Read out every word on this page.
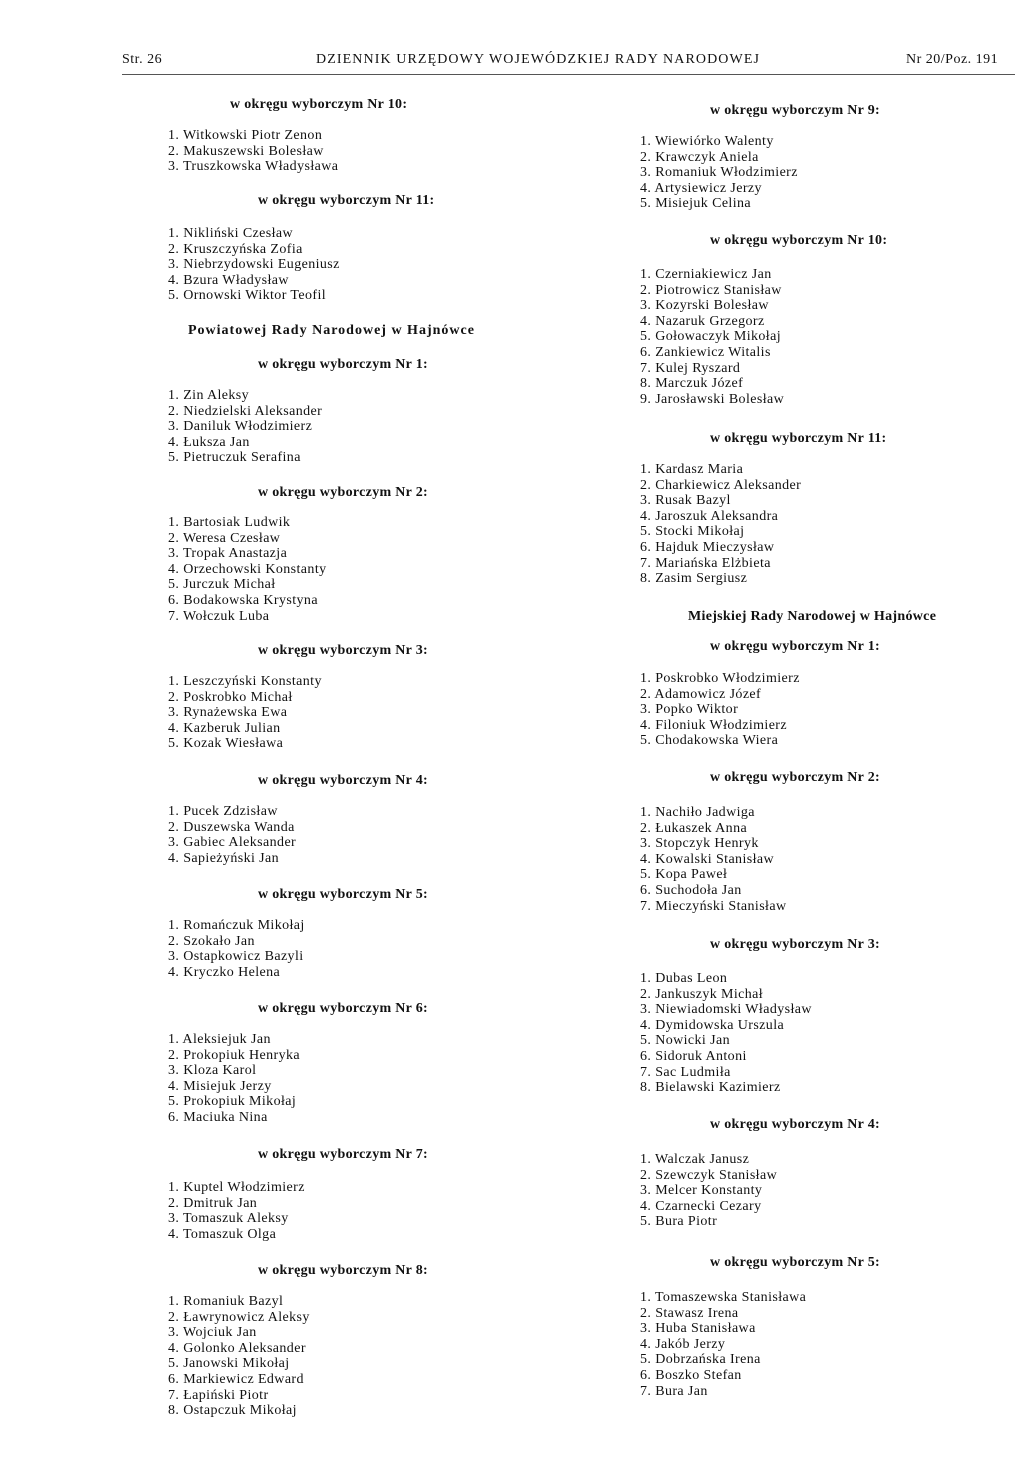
Str. 26	DZIENNIK URZĘDOWY WOJEWÓDZKIEJ RADY NARODOWEJ	Nr 20/Poz. 191
w okręgu wyborczym Nr 10:
1. Witkowski Piotr Zenon
2. Makuszewski Bolesław
3. Truszkowska Władysława
w okręgu wyborczym Nr 11:
1. Nikliński Czesław
2. Kruszczyńska Zofia
3. Niebrzydowski Eugeniusz
4. Bzura Władysław
5. Ornowski Wiktor Teofil
Powiatowej Rady Narodowej w Hajnówce
w okręgu wyborczym Nr 1:
1. Zin Aleksy
2. Niedzielski Aleksander
3. Daniluk Włodzimierz
4. Łuksza Jan
5. Pietruczuk Serafina
w okręgu wyborczym Nr 2:
1. Bartosiak Ludwik
2. Weresa Czesław
3. Tropak Anastazja
4. Orzechowski Konstanty
5. Jurczuk Michał
6. Bodakowska Krystyna
7. Wołczuk Luba
w okręgu wyborczym Nr 3:
1. Leszczyński Konstanty
2. Poskrobko Michał
3. Rynażewska Ewa
4. Kazberuk Julian
5. Kozak Wiesława
w okręgu wyborczym Nr 4:
1. Pucek Zdzisław
2. Duszewska Wanda
3. Gabiec Aleksander
4. Sapieżyński Jan
w okręgu wyborczym Nr 5:
1. Romańczuk Mikołaj
2. Szokało Jan
3. Ostapkowicz Bazyli
4. Kryczko Helena
w okręgu wyborczym Nr 6:
1. Aleksiejuk Jan
2. Prokopiuk Henryka
3. Kloza Karol
4. Misiejuk Jerzy
5. Prokopiuk Mikołaj
6. Maciuka Nina
w okręgu wyborczym Nr 7:
1. Kuptel Włodzimierz
2. Dmitruk Jan
3. Tomaszuk Aleksy
4. Tomaszuk Olga
w okręgu wyborczym Nr 8:
1. Romaniuk Bazyl
2. Ławrynowicz Aleksy
3. Wojciuk Jan
4. Golonko Aleksander
5. Janowski Mikołaj
6. Markiewicz Edward
7. Łapiński Piotr
8. Ostapczuk Mikołaj
w okręgu wyborczym Nr 9:
1. Wiewiórko Walenty
2. Krawczyk Aniela
3. Romaniuk Włodzimierz
4. Artysiewicz Jerzy
5. Misiejuk Celina
w okręgu wyborczym Nr 10:
1. Czerniakiewicz Jan
2. Piotrowicz Stanisław
3. Kozyrski Bolesław
4. Nazaruk Grzegorz
5. Gołowaczyk Mikołaj
6. Zankiewicz Witalis
7. Kulej Ryszard
8. Marczuk Józef
9. Jarosławski Bolesław
w okręgu wyborczym Nr 11:
1. Kardasz Maria
2. Charkiewicz Aleksander
3. Rusak Bazyl
4. Jaroszuk Aleksandra
5. Stocki Mikołaj
6. Hajduk Mieczysław
7. Mariańska Elżbieta
8. Zasim Sergiusz
Miejskiej Rady Narodowej w Hajnówce
w okręgu wyborczym Nr 1:
1. Poskrobko Włodzimierz
2. Adamowicz Józef
3. Popko Wiktor
4. Filoniuk Włodzimierz
5. Chodakowska Wiera
w okręgu wyborczym Nr 2:
1. Nachiło Jadwiga
2. Łukaszek Anna
3. Stopczyk Henryk
4. Kowalski Stanisław
5. Kopa Paweł
6. Suchodoła Jan
7. Mieczyński Stanisław
w okręgu wyborczym Nr 3:
1. Dubas Leon
2. Jankuszyk Michał
3. Niewiadomski Władysław
4. Dymidowska Urszula
5. Nowicki Jan
6. Sidoruk Antoni
7. Sac Ludmiła
8. Bielawski Kazimierz
w okręgu wyborczym Nr 4:
1. Walczak Janusz
2. Szewczyk Stanisław
3. Melcer Konstanty
4. Czarnecki Cezary
5. Bura Piotr
w okręgu wyborczym Nr 5:
1. Tomaszewska Stanisława
2. Stawasz Irena
3. Huba Stanisława
4. Jakób Jerzy
5. Dobrzańska Irena
6. Boszko Stefan
7. Bura Jan
